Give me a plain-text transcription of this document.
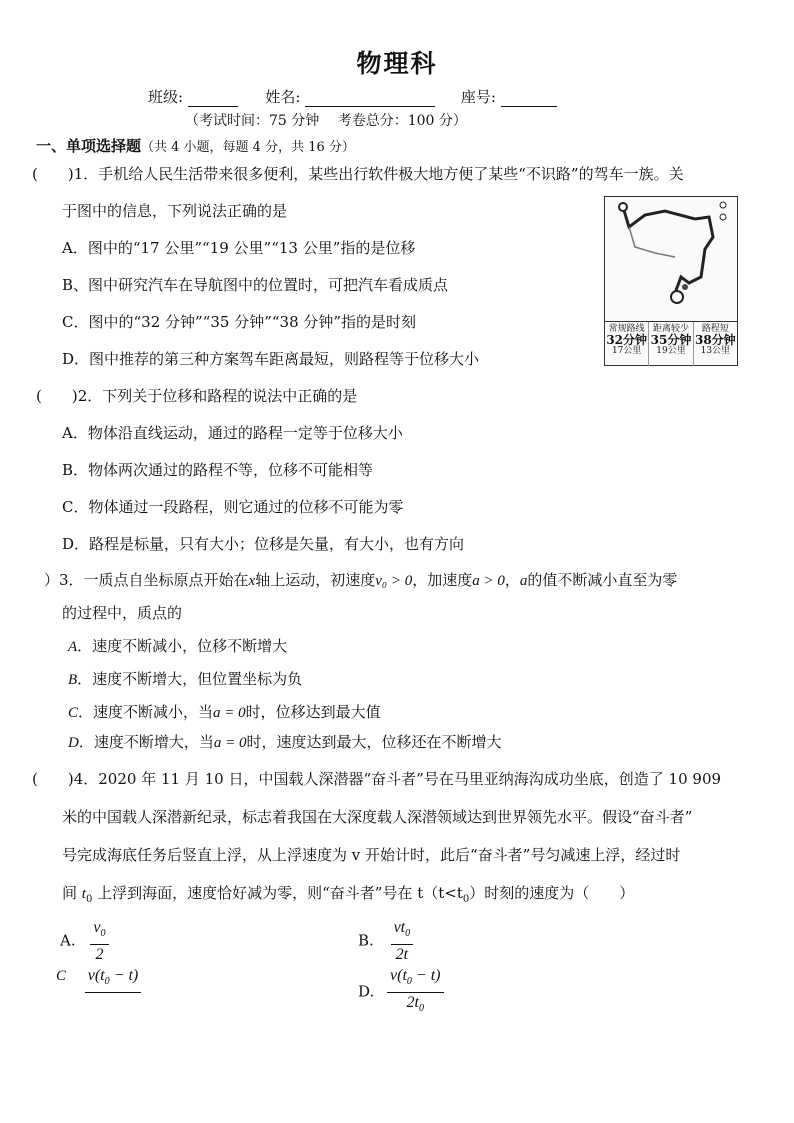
物理科
班级:	姓名:	座号:
（考试时间：75 分钟　 考卷总分：100 分）
一、单项选择题（共 4 小题，每题 4 分，共 16 分）
(　　)1．手机给人民生活带来很多便利，某些出行软件极大地方便了某些“不识路”的驾车一族。关
于图中的信息，下列说法正确的是
A．图中的“17 公里”“19 公里”“13 公里”指的是位移
B、图中研究汽车在导航图中的位置时，可把汽车看成质点
C．图中的“32 分钟”“35 分钟”“38 分钟”指的是时刻
D．图中推荐的第三种方案驾车距离最短，则路程等于位移大小
常规路线
32分钟
17公里
距离较少
35分钟
19公里
路程短
38分钟
13公里
(　　)2．下列关于位移和路程的说法中正确的是
A．物体沿直线运动，通过的路程一定等于位移大小
B．物体两次通过的路程不等，位移不可能相等
C．物体通过一段路程，则它通过的位移不可能为零
D．路程是标量，只有大小；位移是矢量，有大小，也有方向
）3．一质点自坐标原点开始在x轴上运动，初速度v₀ > 0，加速度a > 0，a的值不断减小直至为零
的过程中，质点的
A．速度不断减小，位移不断增大
B．速度不断增大，但位置坐标为负
C．速度不断减小，当a = 0时，位移达到最大值
D．速度不断增大，当a = 0时，速度达到最大，位移还在不断增大
(　　)4．2020 年 11 月 10 日，中国载人深潜器“奋斗者”号在马里亚纳海沟成功坐底，创造了 10 909
米的中国载人深潜新纪录，标志着我国在大深度载人深潜领域达到世界领先水平。假设“奋斗者”
号完成海底任务后竖直上浮，从上浮速度为 v 开始计时，此后“奋斗者”号匀减速上浮，经过时
间 $t_0$ 上浮到海面，速度恰好减为零，则“奋斗者”号在 $t(t<t_0)$时刻的速度为（　　）
A. $\frac{v_0}{2}$	B. $\frac{vt_0}{2t}$
C $v(t_0 - t)$
D. $\frac{v(t_0 - t)}{2t_0}$
